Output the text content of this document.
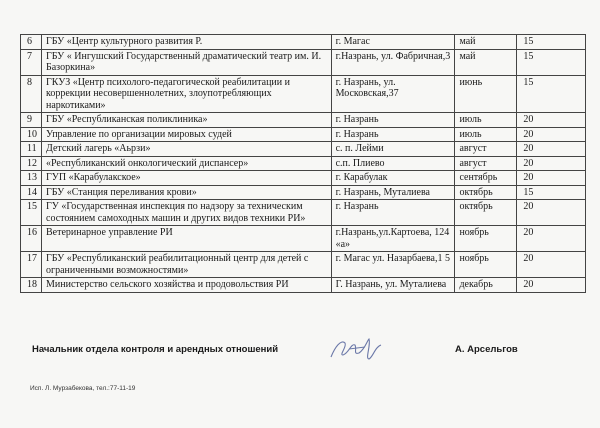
6	ГБУ «Центр культурного развития Р.	г. Магас	май	15
7	ГБУ « Ингушский Государственный драматический театр им. И. Базоркина»	г.Назрань, ул. Фабричная,3	май	15
8	ГКУЗ «Центр психолого-педагогической реабилитации и коррекции несовершеннолетних, злоупотребляющих наркотиками»	г. Назрань, ул. Московская,37	июнь	15
9	ГБУ «Республиканская поликлиника»	г. Назрань	июль	20
10	Управление по организации мировых судей	г. Назрань	июль	20
11	Детский лагерь «Аьрзи»	с. п. Лейми	август	20
12	«Республиканский онкологический диспансер»	с.п. Плиево	август	20
13	ГУП «Карабулакское»	г. Карабулак	сентябрь	20
14	ГБУ «Станция переливания крови»	г. Назрань, Муталиева	октябрь	15
15	ГУ «Государственная инспекция по надзору за техническим состоянием самоходных машин и других видов техники РИ»	г. Назрань	октябрь	20
16	Ветеринарное управление РИ	г.Назрань,ул.Картоева, 124 «а»	ноябрь	20
17	ГБУ «Республиканский реабилитационный центр для детей с ограниченными возможностями»	г. Магас ул. Назарбаева,1 5	ноябрь	20
18	Министерство сельского хозяйства и продовольствия РИ	Г. Назрань, ул. Муталиева	декабрь	20
Начальник отдела контроля и арендных отношений	А. Арсельгов
Исп. Л. Мурзабекова, тел.:77-11-19
